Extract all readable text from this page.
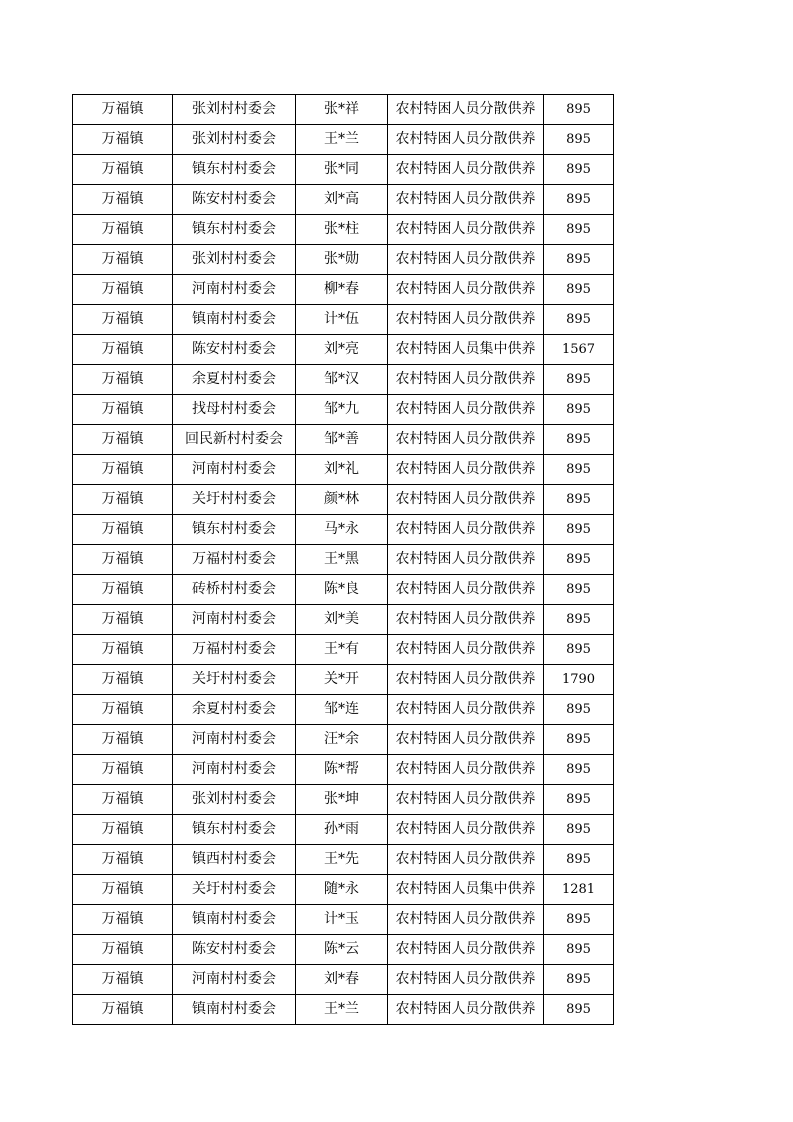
万福镇	张刘村村委会	张*祥	农村特困人员分散供养	895
万福镇	张刘村村委会	王*兰	农村特困人员分散供养	895
万福镇	镇东村村委会	张*同	农村特困人员分散供养	895
万福镇	陈安村村委会	刘*高	农村特困人员分散供养	895
万福镇	镇东村村委会	张*柱	农村特困人员分散供养	895
万福镇	张刘村村委会	张*勋	农村特困人员分散供养	895
万福镇	河南村村委会	柳*春	农村特困人员分散供养	895
万福镇	镇南村村委会	计*伍	农村特困人员分散供养	895
万福镇	陈安村村委会	刘*亮	农村特困人员集中供养	1567
万福镇	余夏村村委会	邹*汉	农村特困人员分散供养	895
万福镇	找母村村委会	邹*九	农村特困人员分散供养	895
万福镇	回民新村村委会	邹*善	农村特困人员分散供养	895
万福镇	河南村村委会	刘*礼	农村特困人员分散供养	895
万福镇	关圩村村委会	颜*林	农村特困人员分散供养	895
万福镇	镇东村村委会	马*永	农村特困人员分散供养	895
万福镇	万福村村委会	王*黑	农村特困人员分散供养	895
万福镇	砖桥村村委会	陈*良	农村特困人员分散供养	895
万福镇	河南村村委会	刘*美	农村特困人员分散供养	895
万福镇	万福村村委会	王*有	农村特困人员分散供养	895
万福镇	关圩村村委会	关*开	农村特困人员分散供养	1790
万福镇	余夏村村委会	邹*连	农村特困人员分散供养	895
万福镇	河南村村委会	汪*余	农村特困人员分散供养	895
万福镇	河南村村委会	陈*帮	农村特困人员分散供养	895
万福镇	张刘村村委会	张*坤	农村特困人员分散供养	895
万福镇	镇东村村委会	孙*雨	农村特困人员分散供养	895
万福镇	镇西村村委会	王*先	农村特困人员分散供养	895
万福镇	关圩村村委会	随*永	农村特困人员集中供养	1281
万福镇	镇南村村委会	计*玉	农村特困人员分散供养	895
万福镇	陈安村村委会	陈*云	农村特困人员分散供养	895
万福镇	河南村村委会	刘*春	农村特困人员分散供养	895
万福镇	镇南村村委会	王*兰	农村特困人员分散供养	895
